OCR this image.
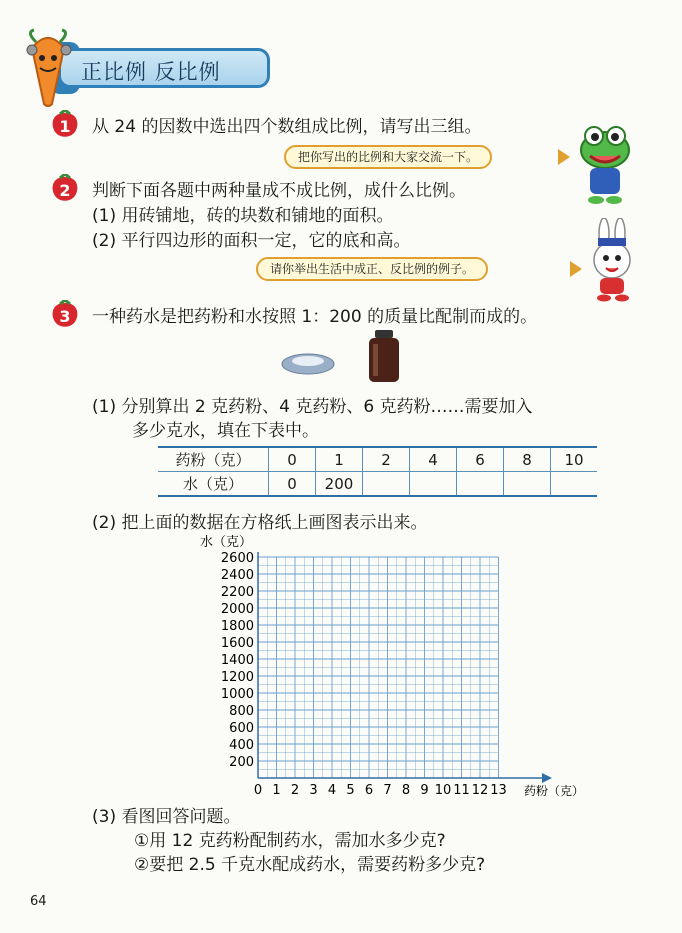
正比例 反比例
1 从 24 的因数中选出四个数组成比例，请写出三组。
把你写出的比例和大家交流一下。
2 判断下面各题中两种量成不成比例，成什么比例。
(1) 用砖铺地，砖的块数和铺地的面积。
(2) 平行四边形的面积一定，它的底和高。
请你举出生活中成正、反比例的例子。
3 一种药水是把药粉和水按照 1：200 的质量比配制而成的。
(1) 分别算出 2 克药粉、4 克药粉、6 克药粉……需要加入
多少克水，填在下表中。
药粉（克）	0	1	2	4	6	8	10
水（克）	0	200					
(2) 把上面的数据在方格纸上画图表示出来。
200
400
600
800
1000
1200
1400
1600
1800
2000
2200
2400
2600
0 1 2 3 4 5 6 7 8 9 10 11 12 13
水（克）
药粉（克）
(3) 看图回答问题。
①用 12 克药粉配制药水，需加水多少克?
②要把 2.5 千克水配成药水，需要药粉多少克?
64
